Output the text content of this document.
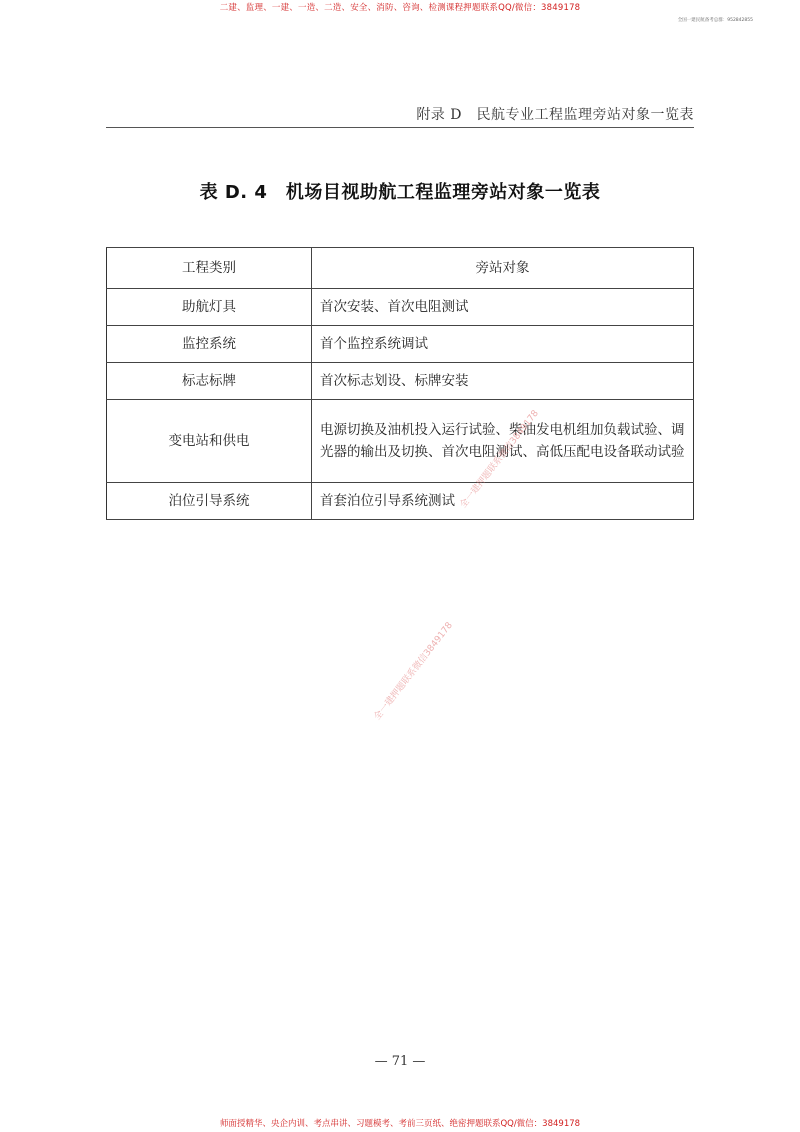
二建、监理、一建、一造、二造、安全、消防、咨询、检测课程押题联系QQ/微信：3849178
全国一建民航备考总群：952842855
附录 D　民航专业工程监理旁站对象一览表
表 D. 4　机场目视助航工程监理旁站对象一览表
工程类别	旁站对象
助航灯具	首次安装、首次电阻测试
监控系统	首个监控系统调试
标志标牌	首次标志划设、标牌安装
变电站和供电	电源切换及油机投入运行试验、柴油发电机组加负载试验、调光器的输出及切换、首次电阻测试、高低压配电设备联动试验
泊位引导系统	首套泊位引导系统测试 全一建押题联系微信3849178
全一建押题联系微信3849178
— 71 —
师面授精华、央企内训、考点串讲、习题模考、考前三页纸、绝密押题联系QQ/微信：3849178
